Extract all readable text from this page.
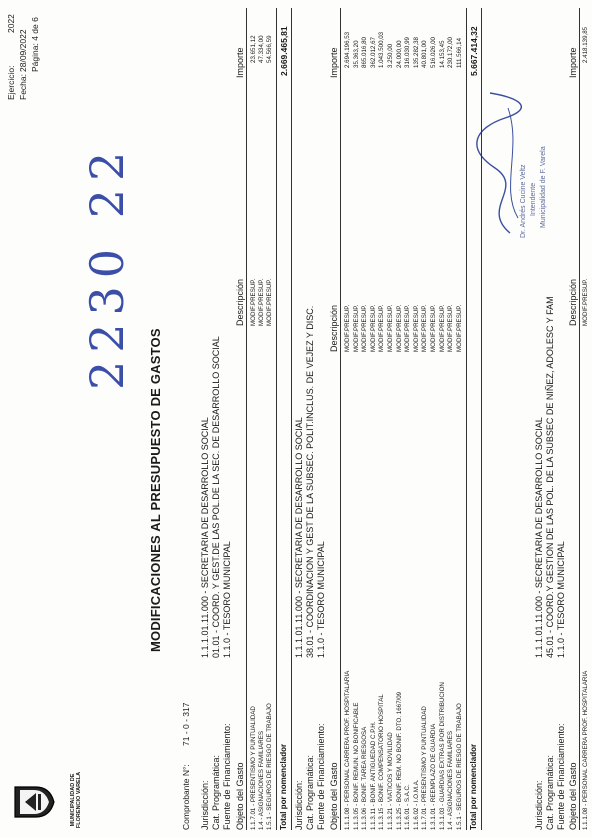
MUNICIPALIDAD DE FLORENCIO VARELA
MODIFICACIONES AL PRESUPUESTO DE GASTOS
Comprobante N°:
71 - 0 - 317
Ejercicio:
2022
Fecha:
28/09/2022 Página: 4 de 6
2230 22	Dr. Andrés Cucine Veltz Intendente Municipalidad de F. Varela
Jurisdicción:
1.1.1.01.11.000 - SECRETARIA DE DESARROLLO SOCIAL
Cat. Programática:
01.01 - COORD. Y GEST.DE LAS POL.DE LA SEC. DE DESARROLLO SOCIAL
Fuente de Financiamiento:
1.1.0 - TESORO MUNICIPAL
Objeto del Gasto
Descripción
Importe
1.1.7.01 - PRESENTISMO Y PUNTUALIDAD
MODIF.PRESUP.
23.651,12
1.4 - ASIGNACIONES FAMILIARES
MODIF.PRESUP.
47.334,00
1.5.1 - SEGUROS DE RIESGO DE TRABAJO
MODIF.PRESUP.
54.566,59
Total por nomenclador
2.669.465,81
Jurisdicción:
1.1.1.01.11.000 - SECRETARIA DE DESARROLLO SOCIAL
Cat. Programática:
38.01 - COORDINACION Y GEST DE LA SUBSEC. POLIT.INCLUS. DE VEJEZ Y DISC.
Fuente de Financiamiento:
1.1.0 - TESORO MUNICIPAL
Objeto del Gasto
Descripción
Importe
1.1.1.08 - PERSONAL CARRERA PROF. HOSPITALARIA
MODIF.PRESUP.
2.694.196,53
1.1.3.05 - BONIF. REMUN. NO BONIFICABLE
MODIF.PRESUP.
35.363,20
1.1.3.06 - BONIF. TAREA RIESGOSA
MODIF.PRESUP.
865.016,80
1.1.3.11 - BONIF. ANTIGUEDAD C.P.H.
MODIF.PRESUP.
362.012,67
1.1.3.15 - BONIF. COMPENSATORIO HOSPITAL
MODIF.PRESUP.
1.043.500,03
1.1.3.21 - VIATICOS Y MOVILIDAD
MODIF.PRESUP.
3.250,00
1.1.3.25 - BONIF. REM. NO BONIF. DTO. 1667/09
MODIF.PRESUP.
24.000,00
1.1.6.01 - S.A.C.
MODIF.PRESUP.
316.030,99
1.1.6.02 - I.O.M.A.
MODIF.PRESUP.
135.282,38
1.1.7.01 - PRESENTISMO Y PUNTUALIDAD
MODIF.PRESUP.
40.801,00
1.3.1.01 - REEMPLAZO DE GUARDIA
MODIF.PRESUP.
516.026,00
1.3.1.03 - GUARDIAS EXTRAS POR DISTRIBUCION
MODIF.PRESUP.
14.153,45
1.4 - ASIGNACIONES FAMILIARES
MODIF.PRESUP.
230.172,00
1.5.1 - SEGUROS DE RIESGO DE TRABAJO
MODIF.PRESUP.
111.566,14
Total por nomenclador
5.667.414,32
Jurisdicción:
1.1.1.01.11.000 - SECRETARIA DE DESARROLLO SOCIAL
Cat. Programática:
45.01 - COORD.Y GESTION DE LAS POL. DE LA SUBSEC DE NIÑEZ, ADOLESC Y FAM
Fuente de Financiamiento:
1.1.0 - TESORO MUNICIPAL
Objeto del Gasto
Descripción
Importe
1.1.1.08 - PERSONAL CARRERA PROF. HOSPITALARIA
MODIF.PRESUP.
2.418.139,85
